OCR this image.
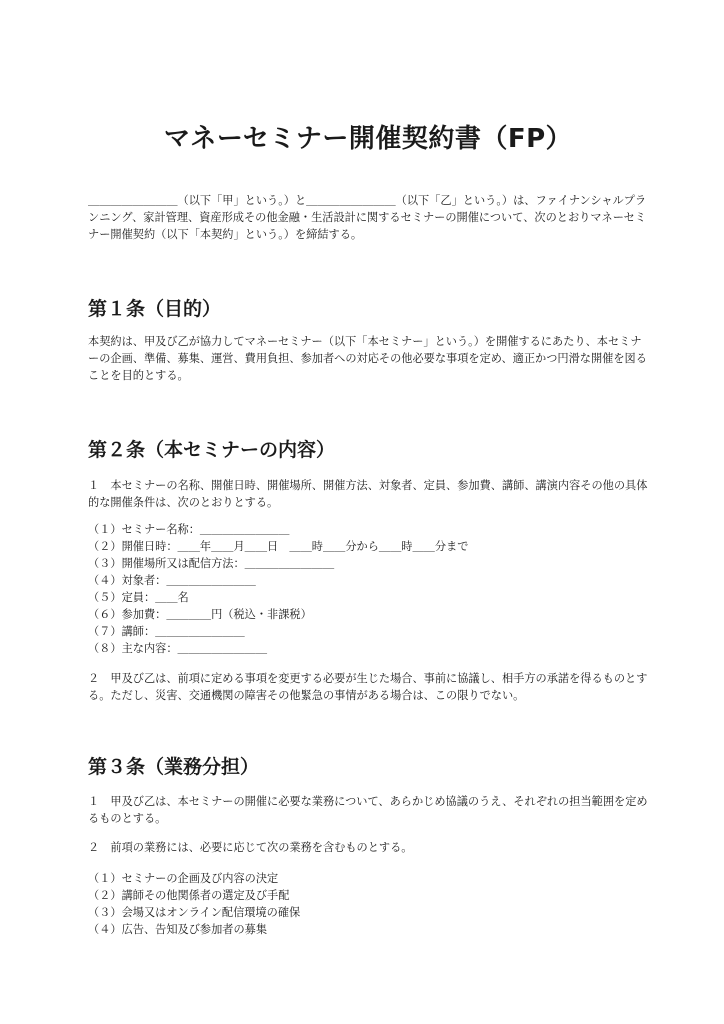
マネーセミナー開催契約書（FP）

＿＿＿＿＿＿＿＿（以下「甲」という。）と＿＿＿＿＿＿＿＿（以下「乙」という。）は、ファイナンシャルプランニング、家計管理、資産形成その他金融・生活設計に関するセミナーの開催について、次のとおりマネーセミナー開催契約（以下「本契約」という。）を締結する。

第１条（目的）

本契約は、甲及び乙が協力してマネーセミナー（以下「本セミナー」という。）を開催するにあたり、本セミナーの企画、準備、募集、運営、費用負担、参加者への対応その他必要な事項を定め、適正かつ円滑な開催を図ることを目的とする。

第２条（本セミナーの内容）

１　本セミナーの名称、開催日時、開催場所、開催方法、対象者、定員、参加費、講師、講演内容その他の具体的な開催条件は、次のとおりとする。

（１）セミナー名称：＿＿＿＿＿＿＿＿
（２）開催日時：＿＿年＿＿月＿＿日　＿＿時＿＿分から＿＿時＿＿分まで
（３）開催場所又は配信方法：＿＿＿＿＿＿＿＿
（４）対象者：＿＿＿＿＿＿＿＿
（５）定員：＿＿名
（６）参加費：＿＿＿＿円（税込・非課税）
（７）講師：＿＿＿＿＿＿＿＿
（８）主な内容：＿＿＿＿＿＿＿＿

２　甲及び乙は、前項に定める事項を変更する必要が生じた場合、事前に協議し、相手方の承諾を得るものとする。ただし、災害、交通機関の障害その他緊急の事情がある場合は、この限りでない。

第３条（業務分担）

１　甲及び乙は、本セミナーの開催に必要な業務について、あらかじめ協議のうえ、それぞれの担当範囲を定めるものとする。

２　前項の業務には、必要に応じて次の業務を含むものとする。

（１）セミナーの企画及び内容の決定
（２）講師その他関係者の選定及び手配
（３）会場又はオンライン配信環境の確保
（４）広告、告知及び参加者の募集
